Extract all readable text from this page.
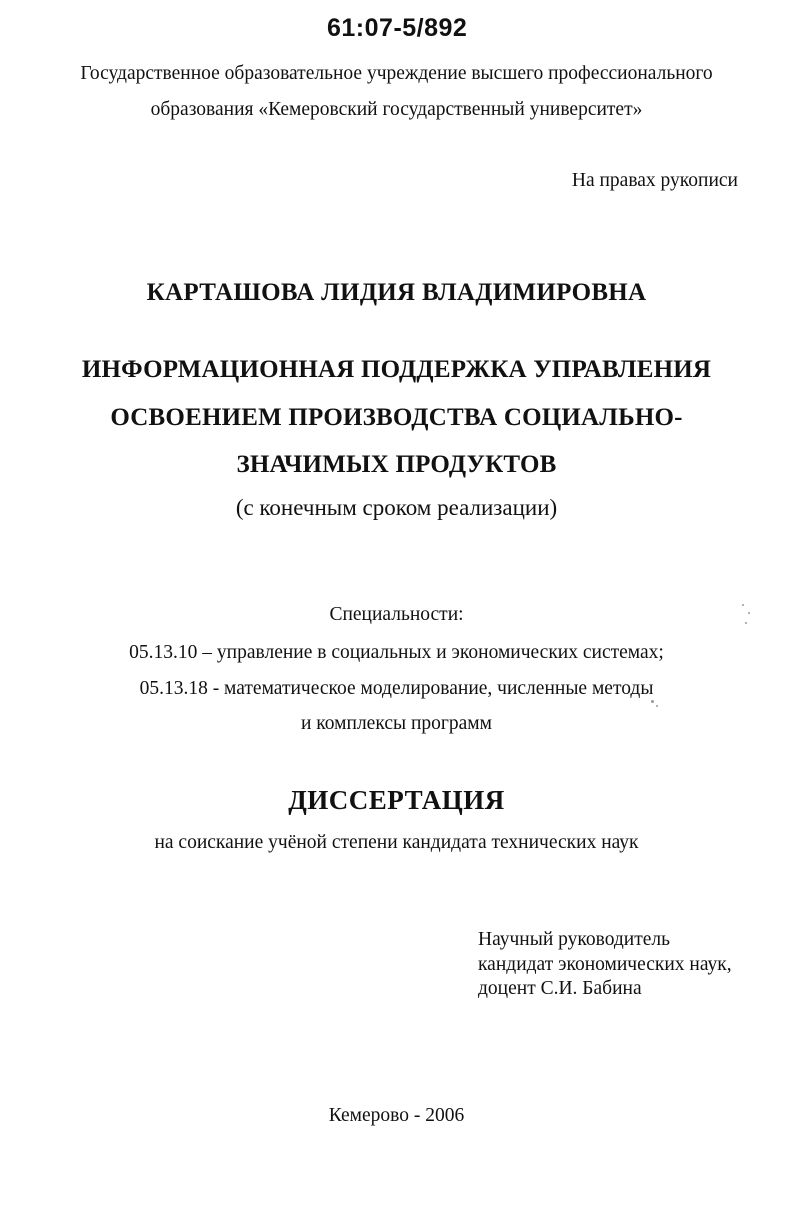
61:07-5/892
Государственное образовательное учреждение высшего профессионального
образования «Кемеровский государственный университет»
На правах рукописи
КАРТАШОВА ЛИДИЯ ВЛАДИМИРОВНА
ИНФОРМАЦИОННАЯ ПОДДЕРЖКА УПРАВЛЕНИЯ
ОСВОЕНИЕМ ПРОИЗВОДСТВА СОЦИАЛЬНО-
ЗНАЧИМЫХ ПРОДУКТОВ
(с конечным сроком реализации)
Специальности:
05.13.10 – управление в социальных и экономических системах;
05.13.18 - математическое моделирование, численные методы
и комплексы программ
ДИССЕРТАЦИЯ
на соискание учёной степени кандидата технических наук
Научный руководитель
кандидат экономических наук,
доцент С.И. Бабина
Кемерово - 2006
